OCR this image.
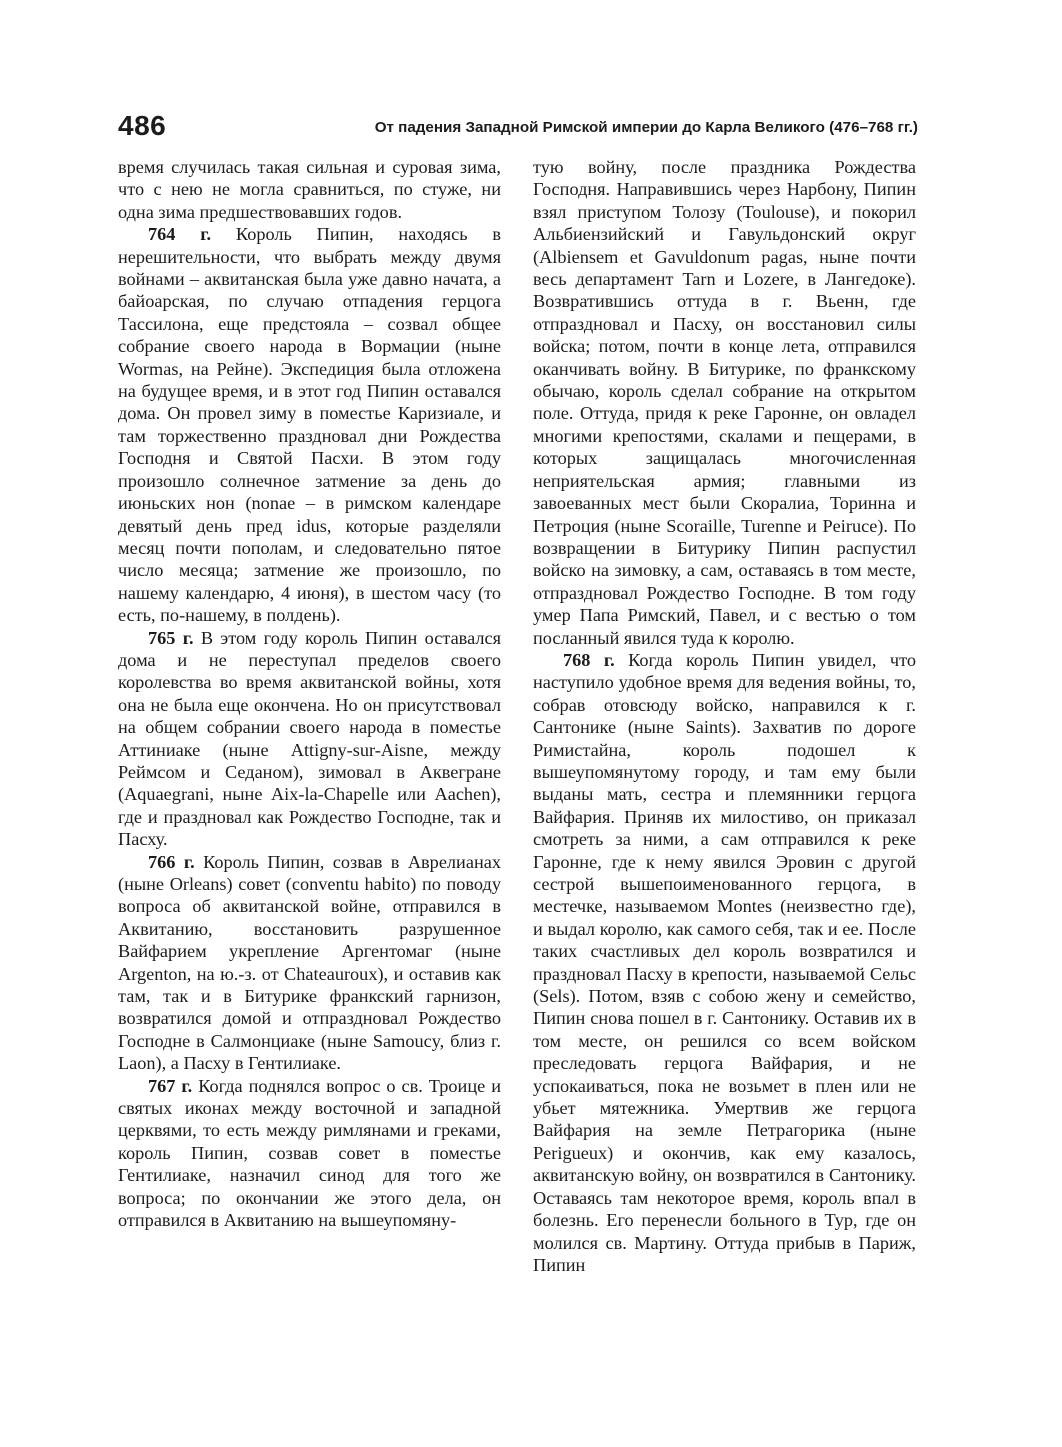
486	От падения Западной Римской империи до Карла Великого (476–768 гг.)

время случилась такая сильная и суровая зима, что с нею не могла сравниться, по стуже, ни одна зима предшествовавших годов.

764 г. Король Пипин, находясь в нерешительности, что выбрать между двумя войнами – аквитанская была уже давно начата, а байоарская, по случаю отпадения герцога Тассилона, еще предстояла – созвал общее собрание своего народа в Вормации (ныне Wormas, на Рейне). Экспедиция была отложена на будущее время, и в этот год Пипин оставался дома. Он провел зиму в поместье Каризиале, и там торжественно праздновал дни Рождества Господня и Святой Пасхи. В этом году произошло солнечное затмение за день до июньских нон (nonae – в римском календаре девятый день пред idus, которые разделяли месяц почти пополам, и следовательно пятое число месяца; затмение же произошло, по нашему календарю, 4 июня), в шестом часу (то есть, по-нашему, в полдень).

765 г. В этом году король Пипин оставался дома и не переступал пределов своего королевства во время аквитанской войны, хотя она не была еще окончена. Но он присутствовал на общем собрании своего народа в поместье Аттиниаке (ныне Attigny-sur-Aisne, между Реймсом и Седаном), зимовал в Аквегране (Aquaegrani, ныне Aix-la-Chapelle или Aachen), где и праздновал как Рождество Господне, так и Пасху.

766 г. Король Пипин, созвав в Аврелианах (ныне Orleans) совет (conventu habito) по поводу вопроса об аквитанской войне, отправился в Аквитанию, восстановить разрушенное Вайфарием укрепление Аргентомаг (ныне Argenton, на ю.-з. от Chateauroux), и оставив как там, так и в Битурике франкский гарнизон, возвратился домой и отпраздновал Рождество Господне в Салмонциаке (ныне Samoucy, близ г. Laon), а Пасху в Гентилиаке.

767 г. Когда поднялся вопрос о св. Троице и святых иконах между восточной и западной церквями, то есть между римлянами и греками, король Пипин, созвав совет в поместье Гентилиаке, назначил синод для того же вопроса; по окончании же этого дела, он отправился в Аквитанию на вышеупомяну-

тую войну, после праздника Рождества Господня. Направившись через Нарбону, Пипин взял приступом Толозу (Toulouse), и покорил Альбиензийский и Гавульдонский округ (Albiensem et Gavuldonum pagas, ныне почти весь департамент Tarn и Lozere, в Лангедоке). Возвратившись оттуда в г. Вьенн, где отпраздновал и Пасху, он восстановил силы войска; потом, почти в конце лета, отправился оканчивать войну. В Битурике, по франкскому обычаю, король сделал собрание на открытом поле. Оттуда, придя к реке Гаронне, он овладел многими крепостями, скалами и пещерами, в которых защищалась многочисленная неприятельская армия; главными из завоеванных мест были Скоралиа, Торинна и Петроция (ныне Scoraille, Turenne и Peiruce). По возвращении в Битурику Пипин распустил войско на зимовку, а сам, оставаясь в том месте, отпраздновал Рождество Господне. В том году умер Папа Римский, Павел, и с вестью о том посланный явился туда к королю.

768 г. Когда король Пипин увидел, что наступило удобное время для ведения войны, то, собрав отовсюду войско, направился к г. Сантонике (ныне Saints). Захватив по дороге Римистайна, король подошел к вышеупомянутому городу, и там ему были выданы мать, сестра и племянники герцога Вайфария. Приняв их милостиво, он приказал смотреть за ними, а сам отправился к реке Гаронне, где к нему явился Эровин с другой сестрой вышепоименованного герцога, в местечке, называемом Montes (неизвестно где), и выдал королю, как самого себя, так и ее. После таких счастливых дел король возвратился и праздновал Пасху в крепости, называемой Сельс (Sels). Потом, взяв с собою жену и семейство, Пипин снова пошел в г. Сантонику. Оставив их в том месте, он решился со всем войском преследовать герцога Вайфария, и не успокаиваться, пока не возьмет в плен или не убьет мятежника. Умертвив же герцога Вайфария на земле Петрагорика (ныне Perigueux) и окончив, как ему казалось, аквитанскую войну, он возвратился в Сантонику. Оставаясь там некоторое время, король впал в болезнь. Его перенесли больного в Тур, где он молился св. Мартину. Оттуда прибыв в Париж, Пипин
